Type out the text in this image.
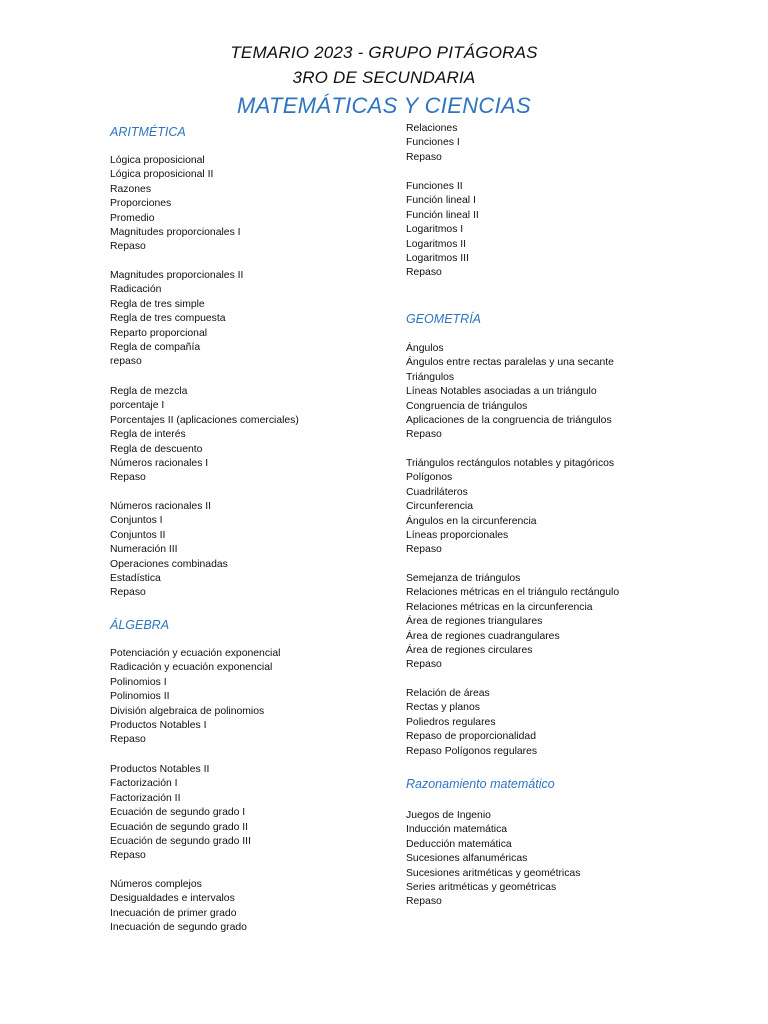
TEMARIO 2023 - GRUPO PITÁGORAS
3RO DE SECUNDARIA
MATEMÁTICAS Y CIENCIAS
ARITMÉTICA
Lógica proposicional
Lógica proposicional II
Razones
Proporciones
Promedio
Magnitudes proporcionales I
Repaso
Magnitudes proporcionales II
Radicación
Regla de tres simple
Regla de tres compuesta
Reparto proporcional
Regla de compañía
repaso
Regla de mezcla
porcentaje I
Porcentajes II (aplicaciones comerciales)
Regla de interés
Regla de descuento
Números racionales I
Repaso
Números racionales II
Conjuntos I
Conjuntos II
Numeración III
Operaciones combinadas
Estadística
Repaso
ÁLGEBRA
Potenciación y ecuación exponencial
Radicación y ecuación exponencial
Polinomios I
Polinomios II
División algebraica de polinomios
Productos Notables I
Repaso
Productos Notables II
Factorización I
Factorización II
Ecuación de segundo grado I
Ecuación de segundo grado II
Ecuación de segundo grado III
Repaso
Números complejos
Desigualdades e intervalos
Inecuación de primer grado
Inecuación de segundo grado
Relaciones
Funciones I
Repaso
Funciones II
Función lineal I
Función lineal II
Logaritmos I
Logaritmos II
Logaritmos III
Repaso
GEOMETRÍA
Ángulos
Ángulos entre rectas paralelas y una secante
Triángulos
Líneas Notables asociadas a un triángulo
Congruencia de triángulos
Aplicaciones de la congruencia de triángulos
Repaso
Triángulos rectángulos notables y pitagóricos
Polígonos
Cuadriláteros
Circunferencia
Ángulos en la circunferencia
Líneas proporcionales
Repaso
Semejanza de triángulos
Relaciones métricas en el triángulo rectángulo
Relaciones métricas en la circunferencia
Área de regiones triangulares
Área de regiones cuadrangulares
Área de regiones circulares
Repaso
Relación de áreas
Rectas y planos
Poliedros regulares
Repaso de proporcionalidad
Repaso Polígonos regulares
Razonamiento matemático
Juegos de Ingenio
Inducción matemática
Deducción matemática
Sucesiones alfanuméricas
Sucesiones aritméticas y geométricas
Series aritméticas y geométricas
Repaso
